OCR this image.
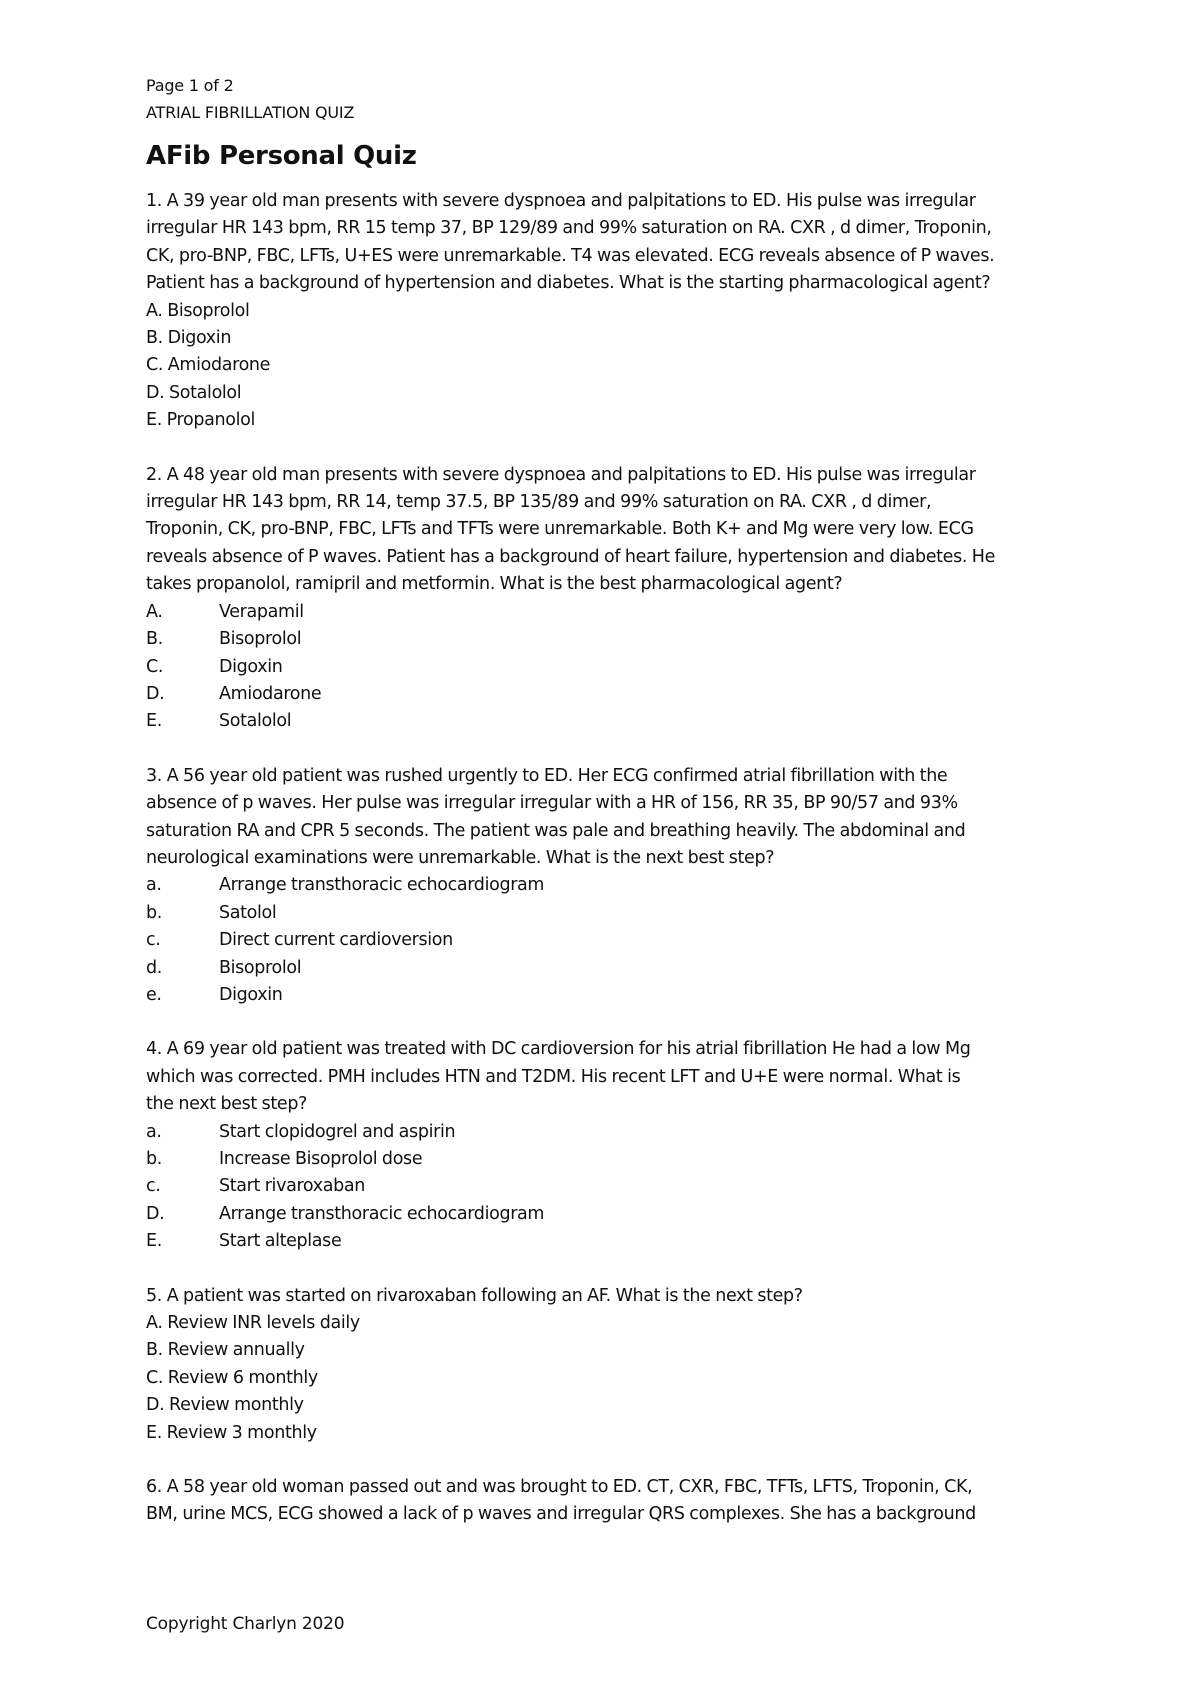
Page 1 of 2
ATRIAL FIBRILLATION QUIZ
AFib Personal Quiz
1. A 39 year old man presents with severe dyspnoea and palpitations to ED. His pulse was irregular
irregular HR 143 bpm, RR 15 temp 37, BP 129/89 and 99% saturation on RA. CXR , d dimer, Troponin,
CK, pro-BNP, FBC, LFTs, U+ES were unremarkable. T4 was elevated. ECG reveals absence of P waves.
Patient has a background of hypertension and diabetes. What is the starting pharmacological agent?
A. Bisoprolol
B. Digoxin
C. Amiodarone
D. Sotalolol
E. Propanolol
2. A 48 year old man presents with severe dyspnoea and palpitations to ED. His pulse was irregular
irregular HR 143 bpm, RR 14, temp 37.5, BP 135/89 and 99% saturation on RA. CXR , d dimer,
Troponin, CK, pro-BNP, FBC, LFTs and TFTs were unremarkable. Both K+ and Mg were very low. ECG
reveals absence of P waves. Patient has a background of heart failure, hypertension and diabetes. He
takes propanolol, ramipril and metformin. What is the best pharmacological agent?
A.	Verapamil
B.	Bisoprolol
C.	Digoxin
D.	Amiodarone
E.	Sotalolol
3. A 56 year old patient was rushed urgently to ED. Her ECG confirmed atrial fibrillation with the
absence of p waves. Her pulse was irregular irregular with a HR of 156, RR 35, BP 90/57 and 93%
saturation RA and CPR 5 seconds. The patient was pale and breathing heavily. The abdominal and
neurological examinations were unremarkable. What is the next best step?
a.	Arrange transthoracic echocardiogram
b.	Satolol
c.	Direct current cardioversion
d.	Bisoprolol
e.	Digoxin
4. A 69 year old patient was treated with DC cardioversion for his atrial fibrillation He had a low Mg
which was corrected. PMH includes HTN and T2DM. His recent LFT and U+E were normal. What is
the next best step?
a.	Start clopidogrel and aspirin
b.	Increase Bisoprolol dose
c.	Start rivaroxaban
D.	Arrange transthoracic echocardiogram
E.	Start alteplase
5. A patient was started on rivaroxaban following an AF. What is the next step?
A. Review INR levels daily
B. Review annually
C. Review 6 monthly
D. Review monthly
E. Review 3 monthly
6. A 58 year old woman passed out and was brought to ED. CT, CXR, FBC, TFTs, LFTS, Troponin, CK,
BM, urine MCS, ECG showed a lack of p waves and irregular QRS complexes. She has a background
Copyright Charlyn 2020
